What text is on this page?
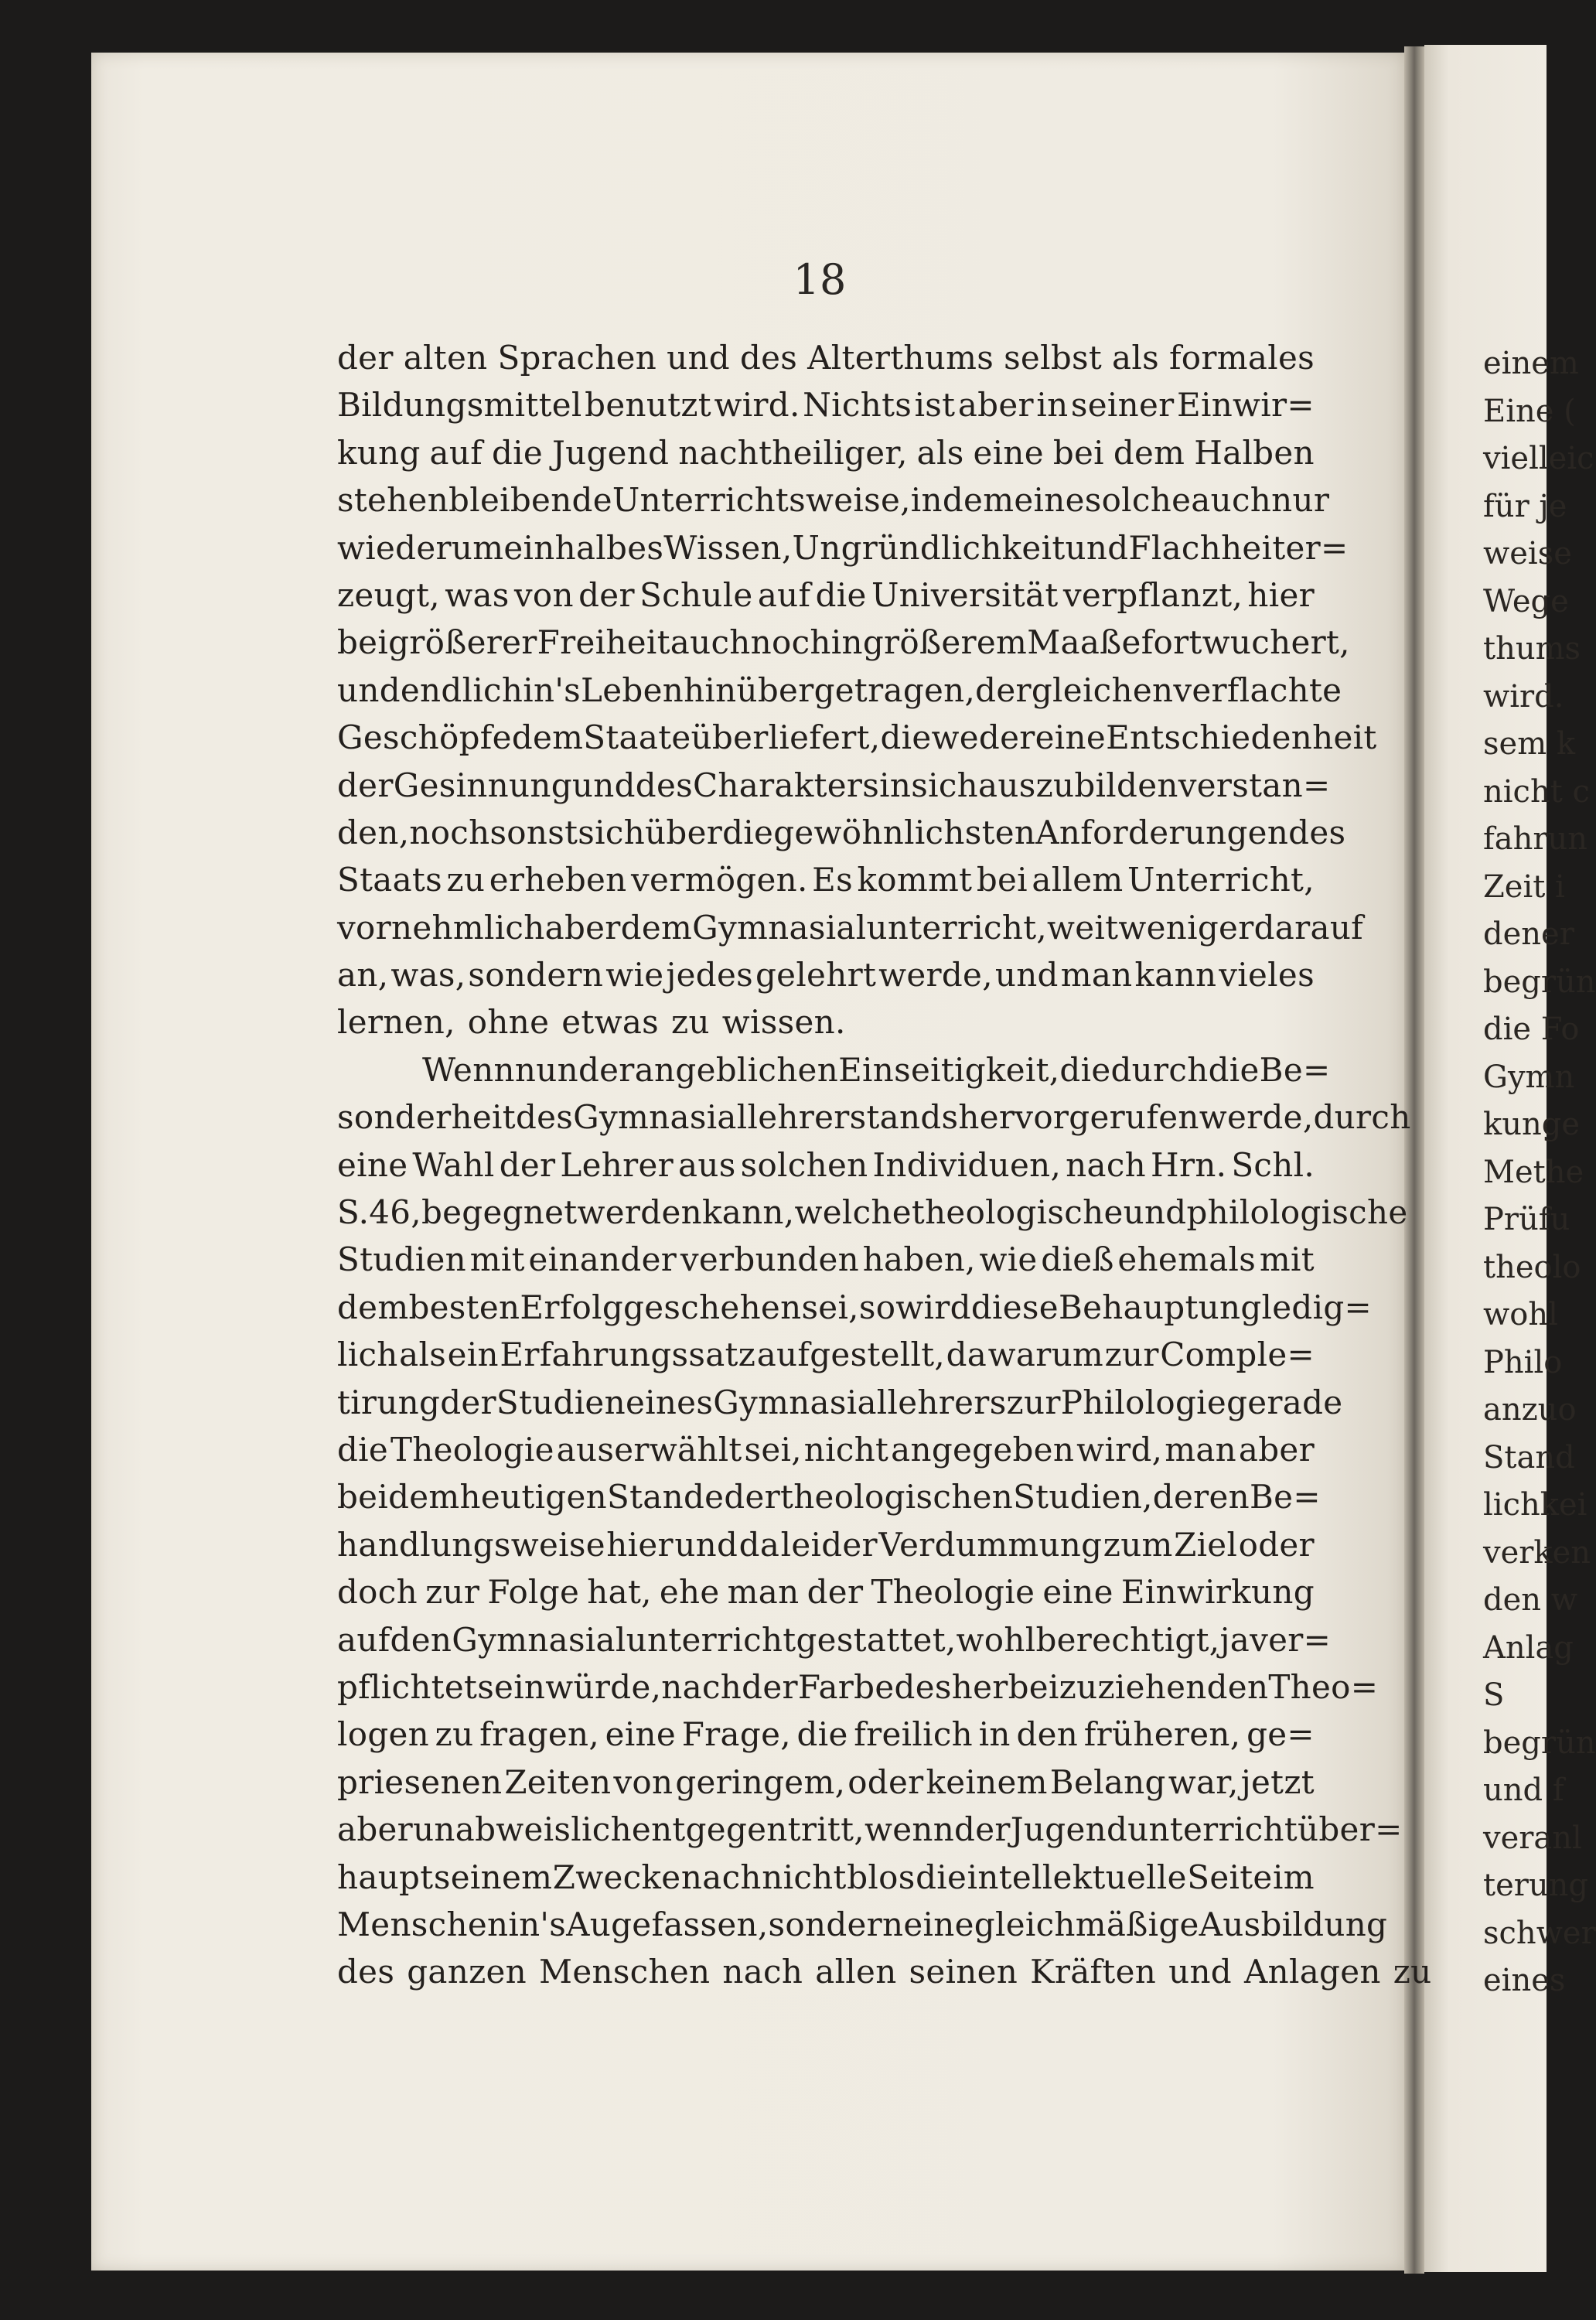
18
der alten Sprachen und des Alterthums selbst als formales
Bildungsmittel benutzt wird. Nichts ist aber in seiner Einwir=
kung auf die Jugend nachtheiliger, als eine bei dem Halben
stehen bleibende Unterrichtsweise, indem eine solche auch nur
wiederum ein halbes Wissen, Ungründlichkeit und Flachheit er=
zeugt, was von der Schule auf die Universität verpflanzt, hier
bei größerer Freiheit auch noch in größerem Maaße fortwuchert,
und endlich in's Leben hinübergetragen, dergleichen verflachte
Geschöpfe dem Staate überliefert, die weder eine Entschiedenheit
der Gesinnung und des Charakters in sich auszubilden verstan=
den, noch sonst sich über die gewöhnlichsten Anforderungen des
Staats zu erheben vermögen. Es kommt bei allem Unterricht,
vornehmlich aber dem Gymnasialunterricht, weit weniger darauf
an, was, sondern wie jedes gelehrt werde, und man kann vieles
lernen, ohne etwas zu wissen.
Wenn nun der angeblichen Einseitigkeit, die durch die Be=
sonderheit des Gymnasiallehrerstands hervorgerufen werde, durch
eine Wahl der Lehrer aus solchen Individuen, nach Hrn. Schl.
S. 46, begegnet werden kann, welche theologische und philologische
Studien mit einander verbunden haben, wie dieß ehemals mit
dem besten Erfolg geschehen sei, so wird diese Behauptung ledig=
lich als ein Erfahrungssatz aufgestellt, da warum zur Comple=
tirung der Studien eines Gymnasiallehrers zur Philologie gerade
die Theologie auserwählt sei, nicht angegeben wird, man aber
bei dem heutigen Stande der theologischen Studien, deren Be=
handlungsweise hier und da leider Verdummung zum Ziel oder
doch zur Folge hat, ehe man der Theologie eine Einwirkung
auf den Gymnasialunterricht gestattet, wohl berechtigt, ja ver=
pflichtet sein würde, nach der Farbe des herbeizuziehenden Theo=
logen zu fragen, eine Frage, die freilich in den früheren, ge=
priesenen Zeiten von geringem, oder keinem Belang war, jetzt
aber unabweislich entgegentritt, wenn der Jugendunterricht über=
haupt seinem Zwecke nach nicht blos die intellektuelle Seite im
Menschen in's Auge fassen, sondern eine gleichmäßige Ausbildung
des ganzen Menschen nach allen seinen Kräften und Anlagen zu
einem
Eine (
vielleic
für je
weise
Wege
thums
wird.
sem k
nicht c
fahrun
Zeit i
dener
begrün
die Fo
Gymn
kunge
Methe
Prüfu
theolo
wohl
Philo
anzuo
Stand
lichkei
verken
den w
Anlag
S
begrün
und f
veranl
terung
schwer
eines
